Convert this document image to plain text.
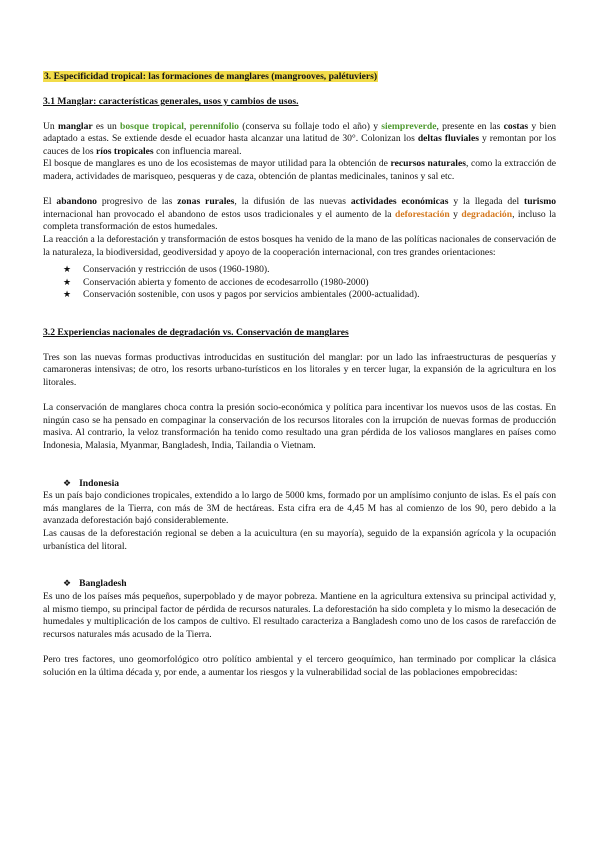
3. Especificidad tropical: las formaciones de manglares (mangrooves, palétuviers)
3.1 Manglar: características generales, usos y cambios de usos.

Un manglar es un bosque tropical, perennifolio (conserva su follaje todo el año) y siempreverde, presente en las costas y bien adaptado a estas. Se extiende desde el ecuador hasta alcanzar una latitud de 30°. Colonizan los deltas fluviales y remontan por los cauces de los ríos tropicales con influencia mareal.

El bosque de manglares es uno de los ecosistemas de mayor utilidad para la obtención de recursos naturales, como la extracción de madera, actividades de marisqueo, pesqueras y de caza, obtención de plantas medicinales, taninos y sal etc.

El abandono progresivo de las zonas rurales, la difusión de las nuevas actividades económicas y la llegada del turismo internacional han provocado el abandono de estos usos tradicionales y el aumento de la deforestación y degradación, incluso la completa transformación de estos humedales.

La reacción a la deforestación y transformación de estos bosques ha venido de la mano de las políticas nacionales de conservación de la naturaleza, la biodiversidad, geodiversidad y apoyo de la cooperación internacional, con tres grandes orientaciones:

★ Conservación y restricción de usos (1960-1980).
★ Conservación abierta y fomento de acciones de ecodesarrollo (1980-2000)
★ Conservación sostenible, con usos y pagos por servicios ambientales (2000-actualidad).
3.2 Experiencias nacionales de degradación vs. Conservación de manglares

Tres son las nuevas formas productivas introducidas en sustitución del manglar: por un lado las infraestructuras de pesquerías y camaroneras intensivas; de otro, los resorts urbano-turísticos en los litorales y en tercer lugar, la expansión de la agricultura en los litorales.

La conservación de manglares choca contra la presión socio-económica y política para incentivar los nuevos usos de las costas. En ningún caso se ha pensado en compaginar la conservación de los recursos litorales con la irrupción de nuevas formas de producción masiva. Al contrario, la veloz transformación ha tenido como resultado una gran pérdida de los valiosos manglares en países como Indonesia, Malasia, Myanmar, Bangladesh, India, Tailandia o Vietnam.

❖ Indonesia

Es un país bajo condiciones tropicales, extendido a lo largo de 5000 kms, formado por un amplísimo conjunto de islas. Es el país con más manglares de la Tierra, con más de 3M de hectáreas. Esta cifra era de 4,45 M has al comienzo de los 90, pero debido a la avanzada deforestación bajó considerablemente.

Las causas de la deforestación regional se deben a la acuicultura (en su mayoría), seguido de la expansión agrícola y la ocupación urbanística del litoral.

❖ Bangladesh

Es uno de los países más pequeños, superpoblado y de mayor pobreza. Mantiene en la agricultura extensiva su principal actividad y, al mismo tiempo, su principal factor de pérdida de recursos naturales. La deforestación ha sido completa y lo mismo la desecación de humedales y multiplicación de los campos de cultivo. El resultado caracteriza a Bangladesh como uno de los casos de rarefacción de recursos naturales más acusado de la Tierra.

Pero tres factores, uno geomorfológico otro político ambiental y el tercero geoquímico, han terminado por complicar la clásica solución en la última década y, por ende, a aumentar los riesgos y la vulnerabilidad social de las poblaciones empobrecidas:
